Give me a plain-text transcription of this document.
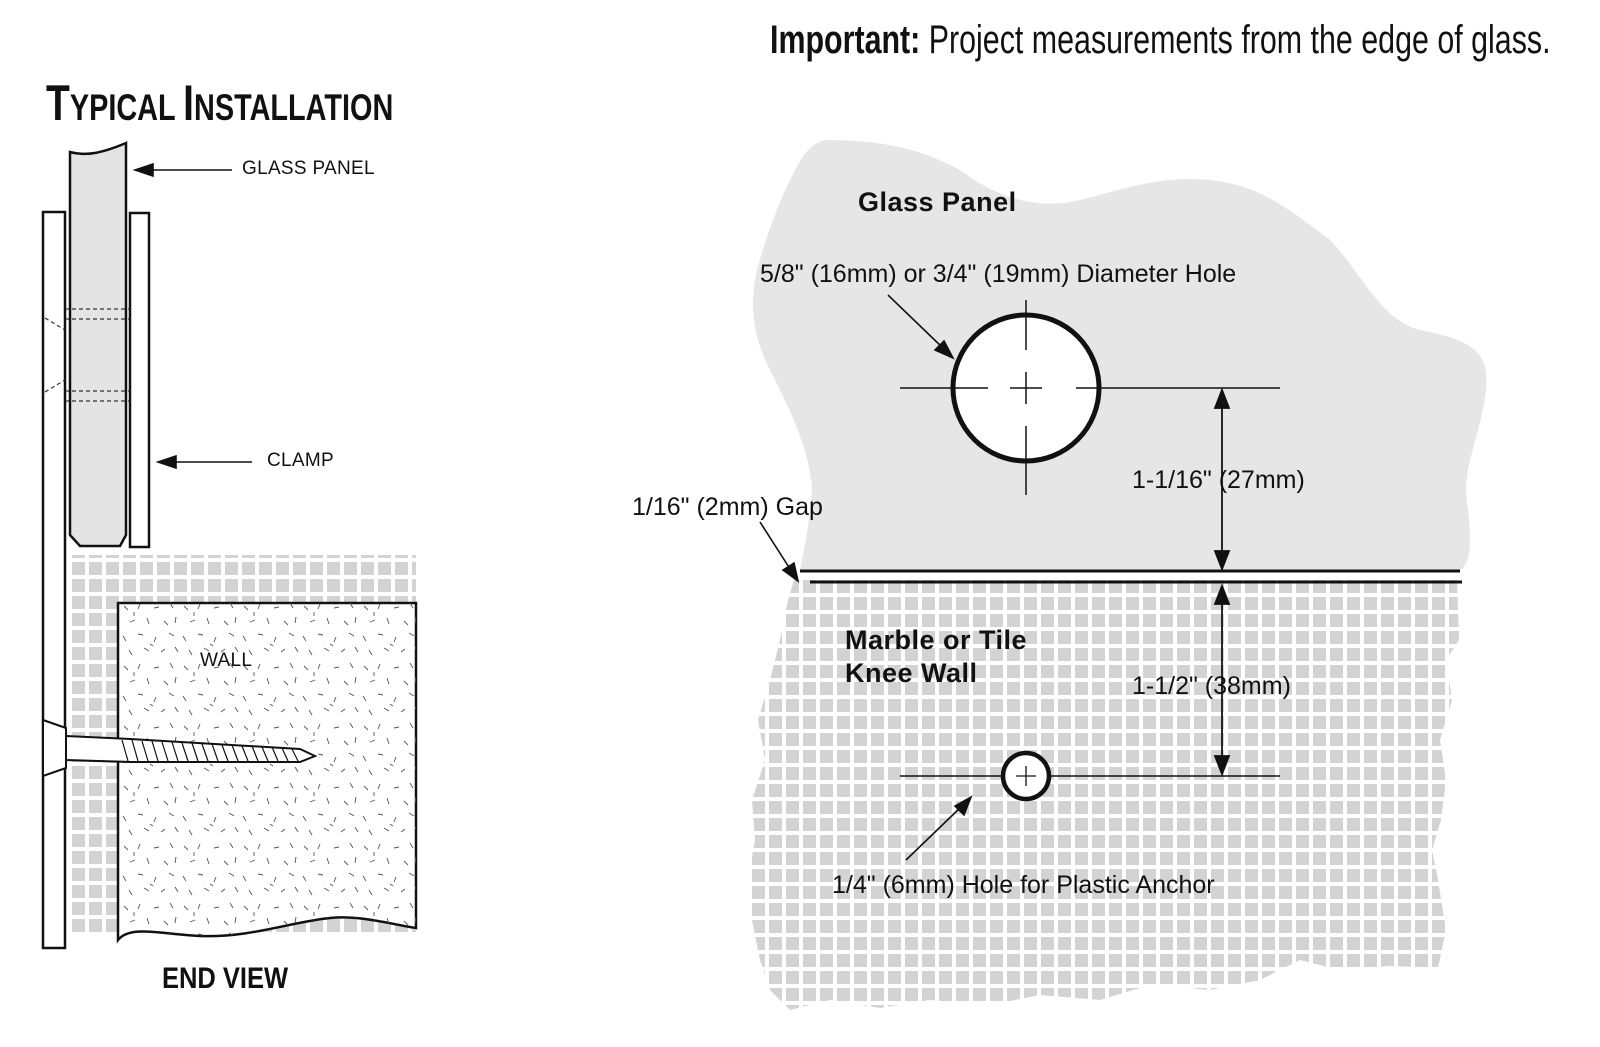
TYPICAL INSTALLATION
Important: Project measurements from the edge of glass.
GLASS PANEL
CLAMP
WALL
END VIEW
Glass Panel
5/8" (16mm) or 3/4" (19mm) Diameter Hole
1/16" (2mm) Gap
1-1/16" (27mm)
Marble or Tile
Knee Wall	1-1/2" (38mm)
1/4" (6mm) Hole for Plastic Anchor
